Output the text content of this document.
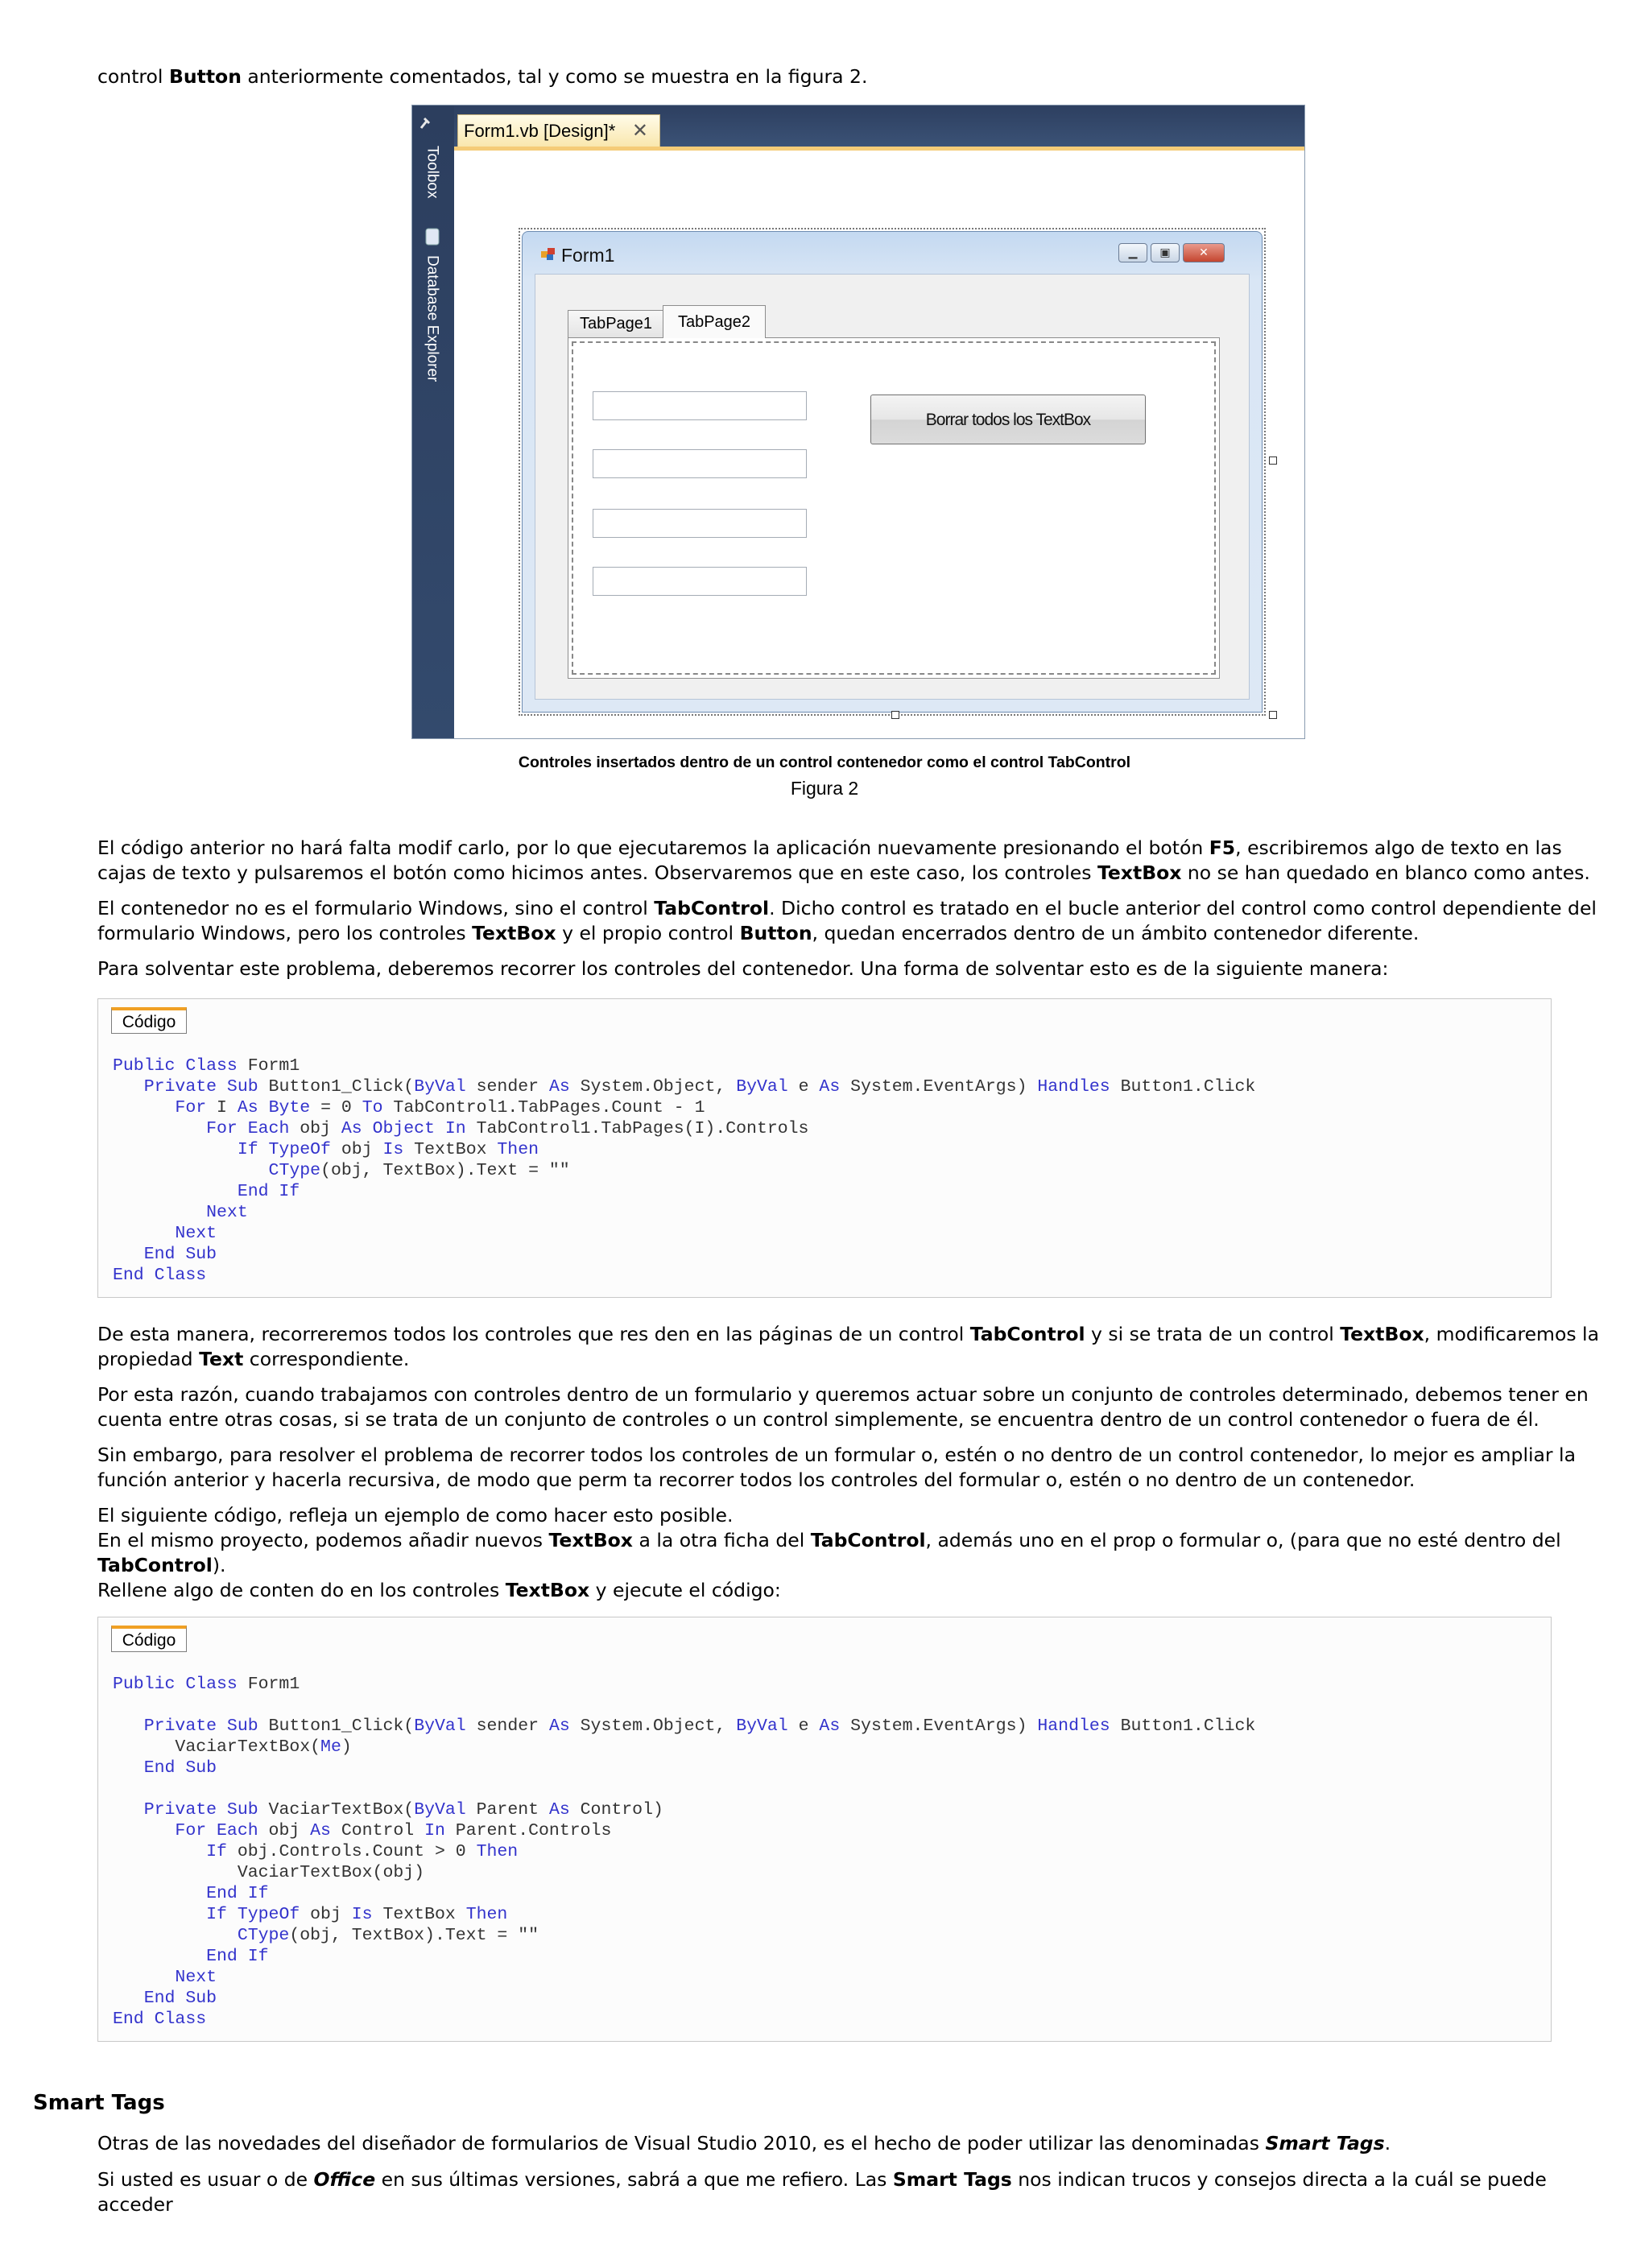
control Button anteriormente comentados, tal y como se muestra en la figura 2.

Toolbox
Database Explorer
Form1.vb [Design]* ✕
Form1	▁	▣	✕
TabPage1	TabPage2
Borrar todos los TextBox
Controles insertados dentro de un control contenedor como el control TabControl
Figura 2

El código anterior no hará falta modif carlo, por lo que ejecutaremos la aplicación nuevamente presionando el botón F5, escribiremos algo de texto en las cajas de texto y pulsaremos el botón como hicimos antes. Observaremos que en este caso, los controles TextBox no se han quedado en blanco como antes.

El contenedor no es el formulario Windows, sino el control TabControl. Dicho control es tratado en el bucle anterior del control como control dependiente del formulario Windows, pero los controles TextBox y el propio control Button, quedan encerrados dentro de un ámbito contenedor diferente.

Para solventar este problema, deberemos recorrer los controles del contenedor. Una forma de solventar esto es de la siguiente manera:

Código
Public Class Form1
Private Sub Button1_Click(ByVal sender As System.Object, ByVal e As System.EventArgs) Handles Button1.Click
For I As Byte = 0 To TabControl1.TabPages.Count - 1
For Each obj As Object In TabControl1.TabPages(I).Controls
If TypeOf obj Is TextBox Then
CType(obj, TextBox).Text = ""
End If
Next
Next
End Sub
End Class

De esta manera, recorreremos todos los controles que res den en las páginas de un control TabControl y si se trata de un control TextBox, modificaremos la propiedad Text correspondiente.

Por esta razón, cuando trabajamos con controles dentro de un formulario y queremos actuar sobre un conjunto de controles determinado, debemos tener en cuenta entre otras cosas, si se trata de un conjunto de controles o un control simplemente, se encuentra dentro de un control contenedor o fuera de él.

Sin embargo, para resolver el problema de recorrer todos los controles de un formular o, estén o no dentro de un control contenedor, lo mejor es ampliar la función anterior y hacerla recursiva, de modo que perm ta recorrer todos los controles del formular o, estén o no dentro de un contenedor.

El siguiente código, refleja un ejemplo de como hacer esto posible.
En el mismo proyecto, podemos añadir nuevos TextBox a la otra ficha del TabControl, además uno en el prop o formular o, (para que no esté dentro del TabControl).
Rellene algo de conten do en los controles TextBox y ejecute el código:

Código
Public Class Form1

Private Sub Button1_Click(ByVal sender As System.Object, ByVal e As System.EventArgs) Handles Button1.Click
VaciarTextBox(Me)
End Sub

Private Sub VaciarTextBox(ByVal Parent As Control)
For Each obj As Control In Parent.Controls
If obj.Controls.Count > 0 Then
VaciarTextBox(obj)
End If
If TypeOf obj Is TextBox Then
CType(obj, TextBox).Text = ""
End If
Next
End Sub
End Class

Smart Tags

Otras de las novedades del diseñador de formularios de Visual Studio 2010, es el hecho de poder utilizar las denominadas Smart Tags.

Si usted es usuar o de Office en sus últimas versiones, sabrá a que me refiero. Las Smart Tags nos indican trucos y consejos directa a la cuál se puede acceder
